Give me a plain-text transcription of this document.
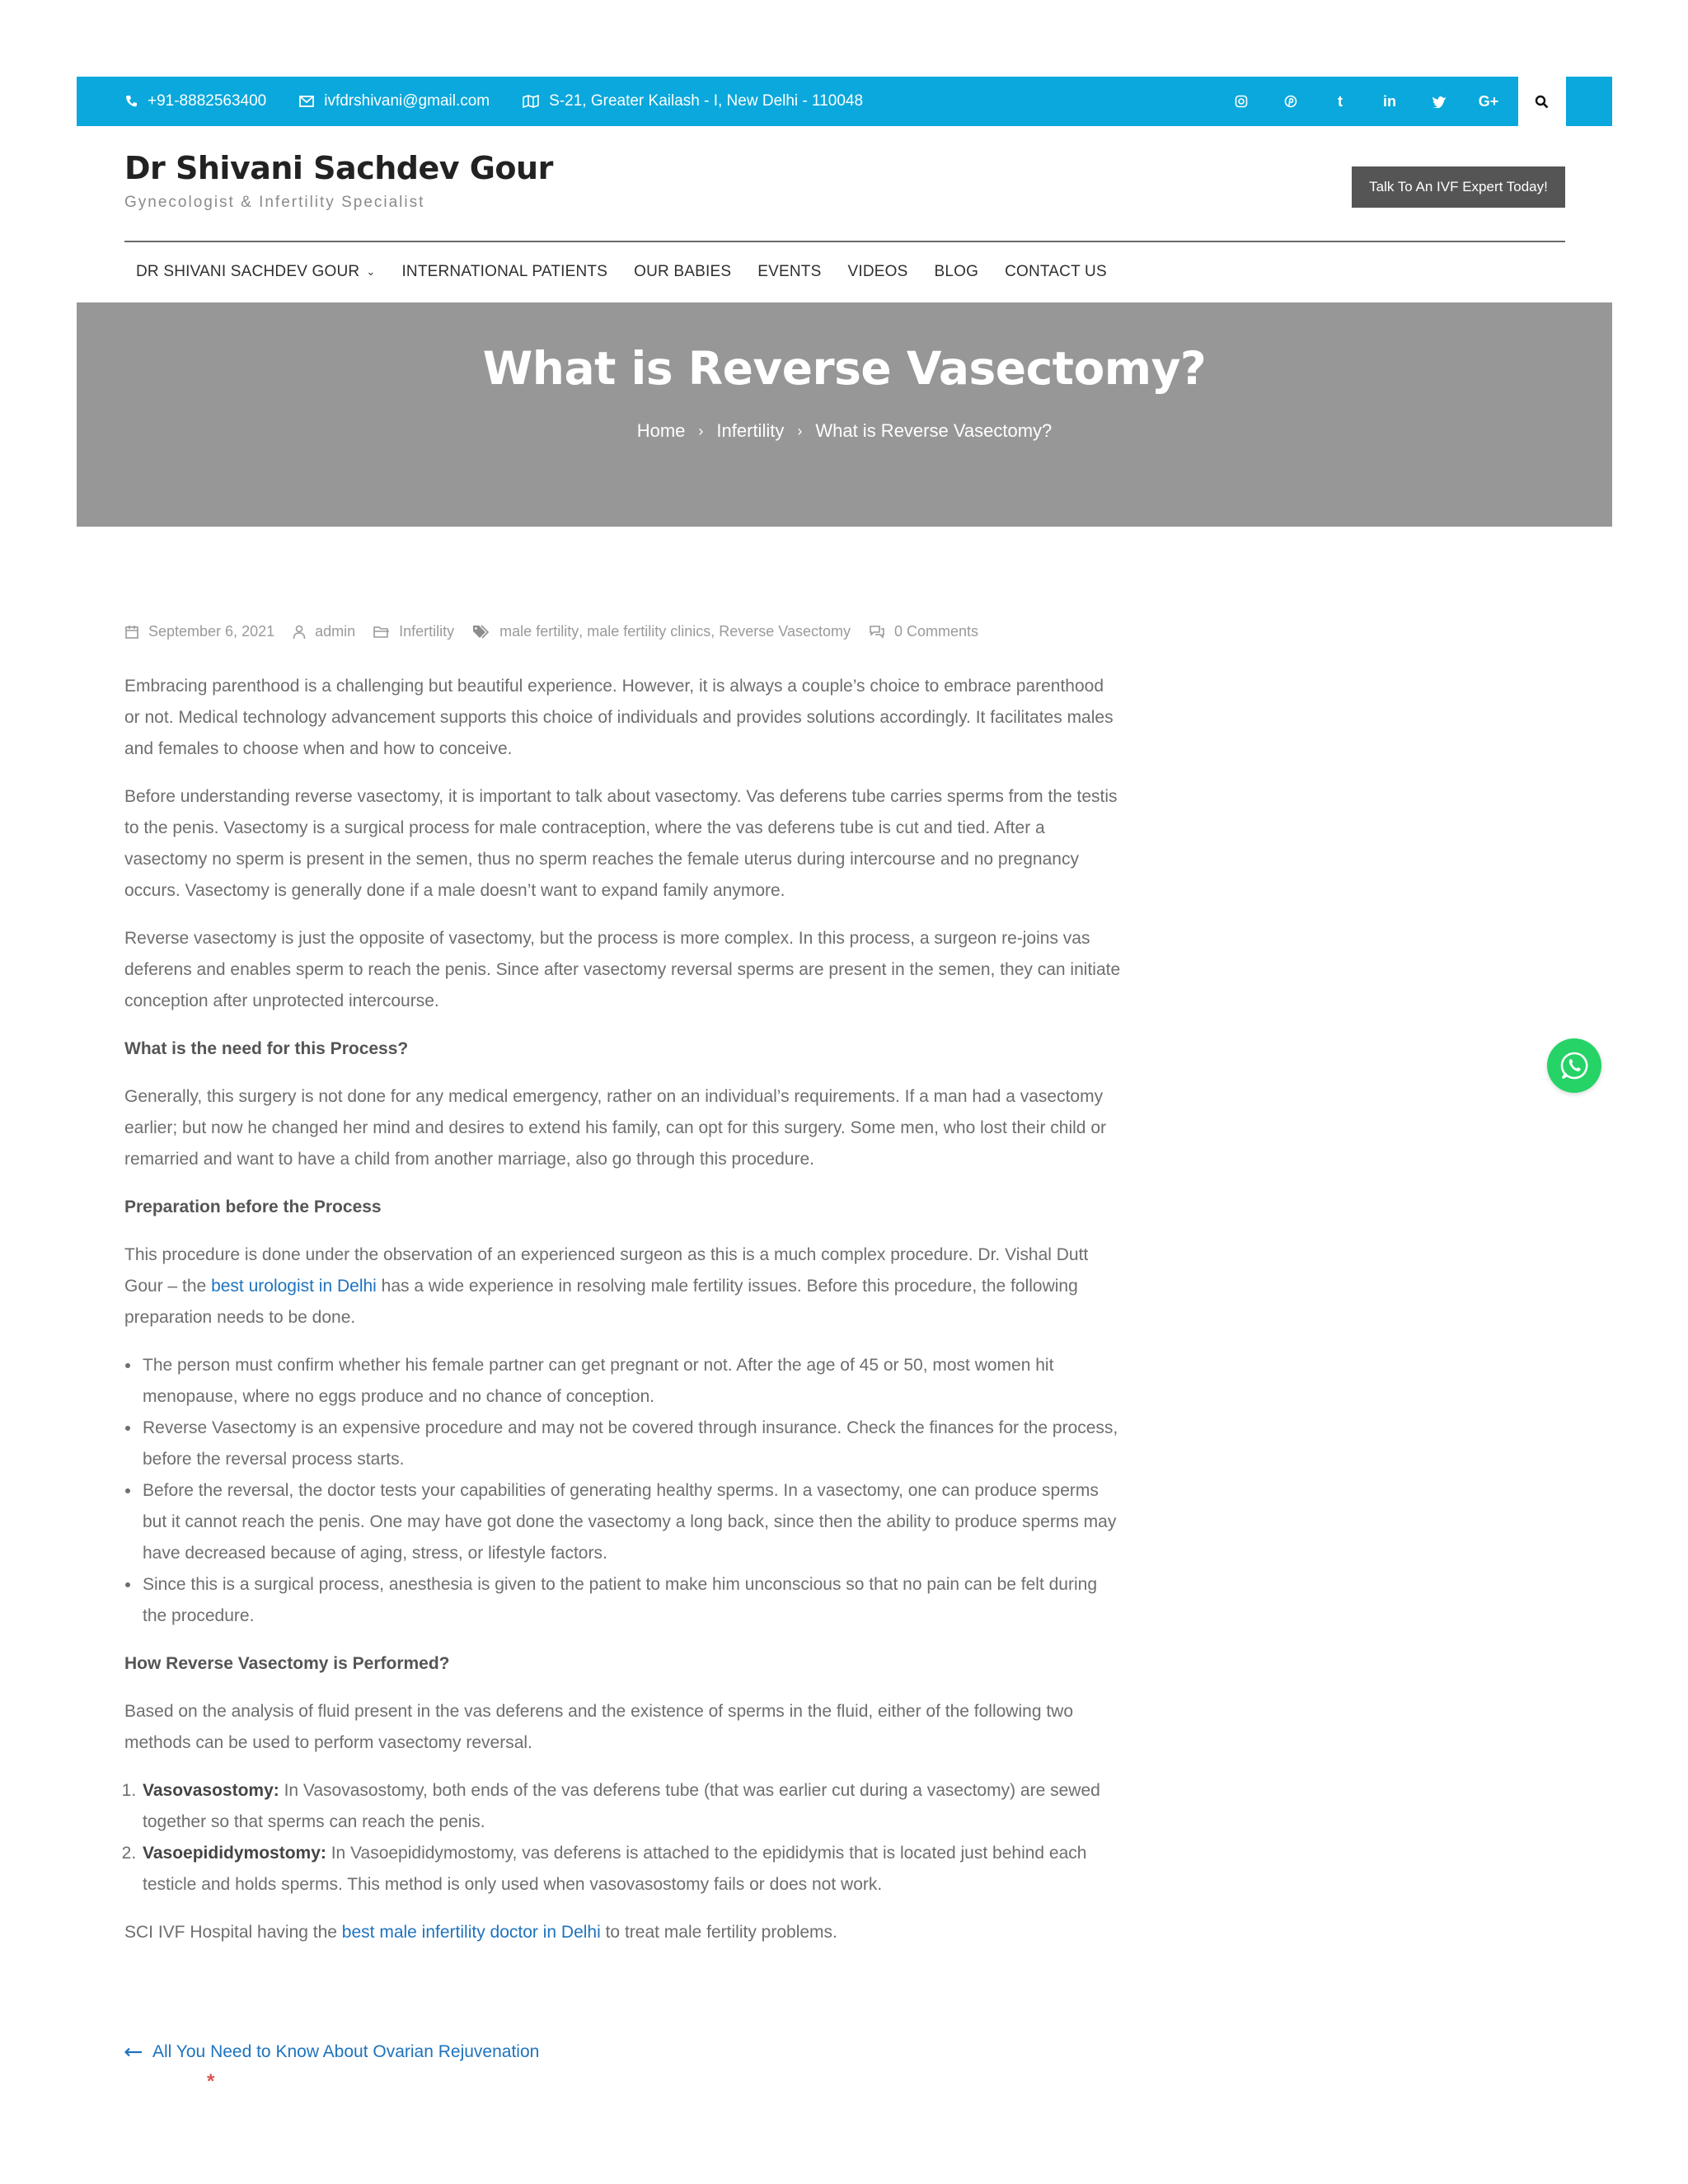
+91-8882563400	ivfdrshivani@gmail.com	S-21, Greater Kailash - I, New Delhi - 110048	t	in	G+
Dr Shivani Sachdev Gour
Gynecologist & Infertility Specialist
Talk To An IVF Expert Today!
DR SHIVANI SACHDEV GOUR ⌄ INTERNATIONAL PATIENTS OUR BABIES EVENTS VIDEOS BLOG CONTACT US
What is Reverse Vasectomy?
Home › Infertility › What is Reverse Vasectomy?
September 6, 2021	admin	Infertility	male fertility , male fertility clinics , Reverse Vasectomy	0 Comments

Embracing parenthood is a challenging but beautiful experience. However, it is always a couple’s choice to embrace parenthood or not. Medical technology advancement supports this choice of individuals and provides solutions accordingly. It facilitates males and females to choose when and how to conceive.

Before understanding reverse vasectomy, it is important to talk about vasectomy. Vas deferens tube carries sperms from the testis to the penis. Vasectomy is a surgical process for male contraception, where the vas deferens tube is cut and tied. After a vasectomy no sperm is present in the semen, thus no sperm reaches the female uterus during intercourse and no pregnancy occurs. Vasectomy is generally done if a male doesn’t want to expand family anymore.

Reverse vasectomy is just the opposite of vasectomy, but the process is more complex. In this process, a surgeon re-joins vas deferens and enables sperm to reach the penis. Since after vasectomy reversal sperms are present in the semen, they can initiate conception after unprotected intercourse.

What is the need for this Process?

Generally, this surgery is not done for any medical emergency, rather on an individual’s requirements. If a man had a vasectomy earlier; but now he changed her mind and desires to extend his family, can opt for this surgery. Some men, who lost their child or remarried and want to have a child from another marriage, also go through this procedure.

Preparation before the Process

This procedure is done under the observation of an experienced surgeon as this is a much complex procedure. Dr. Vishal Dutt Gour – the best urologist in Delhi has a wide experience in resolving male fertility issues. Before this procedure, the following preparation needs to be done.

• The person must confirm whether his female partner can get pregnant or not. After the age of 45 or 50, most women hit menopause, where no eggs produce and no chance of conception.
• Reverse Vasectomy is an expensive procedure and may not be covered through insurance. Check the finances for the process, before the reversal process starts.
• Before the reversal, the doctor tests your capabilities of generating healthy sperms. In a vasectomy, one can produce sperms but it cannot reach the penis. One may have got done the vasectomy a long back, since then the ability to produce sperms may have decreased because of aging, stress, or lifestyle factors.
• Since this is a surgical process, anesthesia is given to the patient to make him unconscious so that no pain can be felt during the procedure.
How Reverse Vasectomy is Performed?

Based on the analysis of fluid present in the vas deferens and the existence of sperms in the fluid, either of the following two methods can be used to perform vasectomy reversal.

1. Vasovasostomy: In Vasovasostomy, both ends of the vas deferens tube (that was earlier cut during a vasectomy) are sewed together so that sperms can reach the penis.
2. Vasoepididymostomy: In Vasoepididymostomy, vas deferens is attached to the epididymis that is located just behind each testicle and holds sperms. This method is only used when vasovasostomy fails or does not work.

SCI IVF Hospital having the best male infertility doctor in Delhi to treat male fertility problems.

All You Need to Know About Ovarian Rejuvenation
*
